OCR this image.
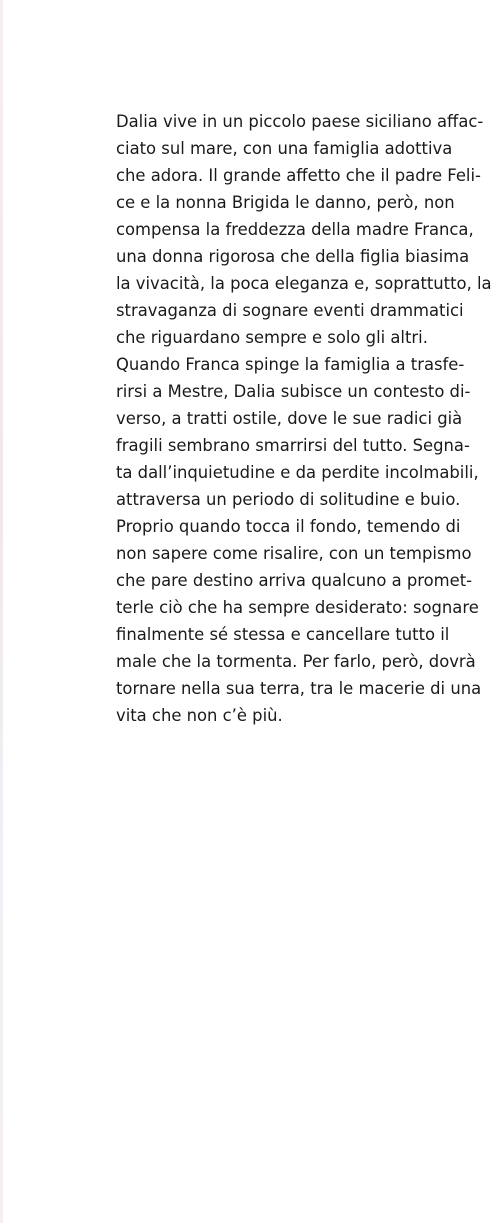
Dalia vive in un piccolo paese siciliano affac-
ciato sul mare, con una famiglia adottiva
che adora. Il grande affetto che il padre Feli-
ce e la nonna Brigida le danno, però, non
compensa la freddezza della madre Franca,
una donna rigorosa che della figlia biasima
la vivacità, la poca eleganza e, soprattutto, la
stravaganza di sognare eventi drammatici
che riguardano sempre e solo gli altri.
Quando Franca spinge la famiglia a trasfe-
rirsi a Mestre, Dalia subisce un contesto di-
verso, a tratti ostile, dove le sue radici già
fragili sembrano smarrirsi del tutto. Segna-
ta dall’inquietudine e da perdite incolmabili,
attraversa un periodo di solitudine e buio.
Proprio quando tocca il fondo, temendo di
non sapere come risalire, con un tempismo
che pare destino arriva qualcuno a promet-
terle ciò che ha sempre desiderato: sognare
finalmente sé stessa e cancellare tutto il
male che la tormenta. Per farlo, però, dovrà
tornare nella sua terra, tra le macerie di una
vita che non c’è più.
